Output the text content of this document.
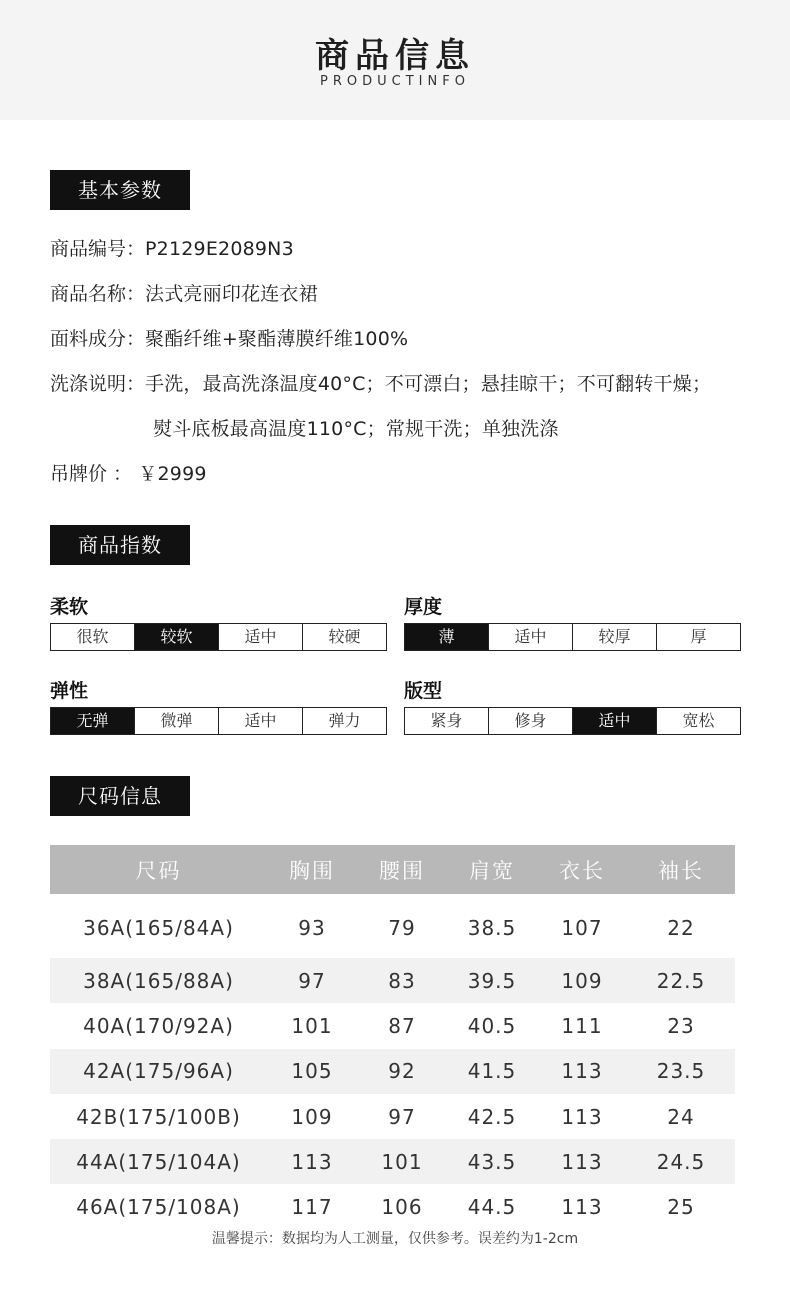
商品信息
PRODUCTINFO
基本参数
商品编号：P2129E2089N3
商品名称：法式亮丽印花连衣裙
面料成分：聚酯纤维+聚酯薄膜纤维100%
洗涤说明：手洗，最高洗涤温度40°C；不可漂白；悬挂晾干；不可翻转干燥；
熨斗底板最高温度110°C；常规干洗；单独洗涤
吊牌价 ： ￥2999
商品指数
柔软
很软	较软	适中	较硬
厚度
薄	适中	较厚	厚
弹性
无弹	微弹	适中	弹力
版型
紧身	修身	适中	宽松
尺码信息
尺码	胸围	腰围	肩宽	衣长	袖长
36A(165/84A)	93	79	38.5	107	22
38A(165/88A)	97	83	39.5	109	22.5
40A(170/92A)	101	87	40.5	111	23
42A(175/96A)	105	92	41.5	113	23.5
42B(175/100B)	109	97	42.5	113	24
44A(175/104A)	113	101	43.5	113	24.5
46A(175/108A)	117	106	44.5	113	25
温馨提示：数据均为人工测量，仅供参考。误差约为1-2cm
